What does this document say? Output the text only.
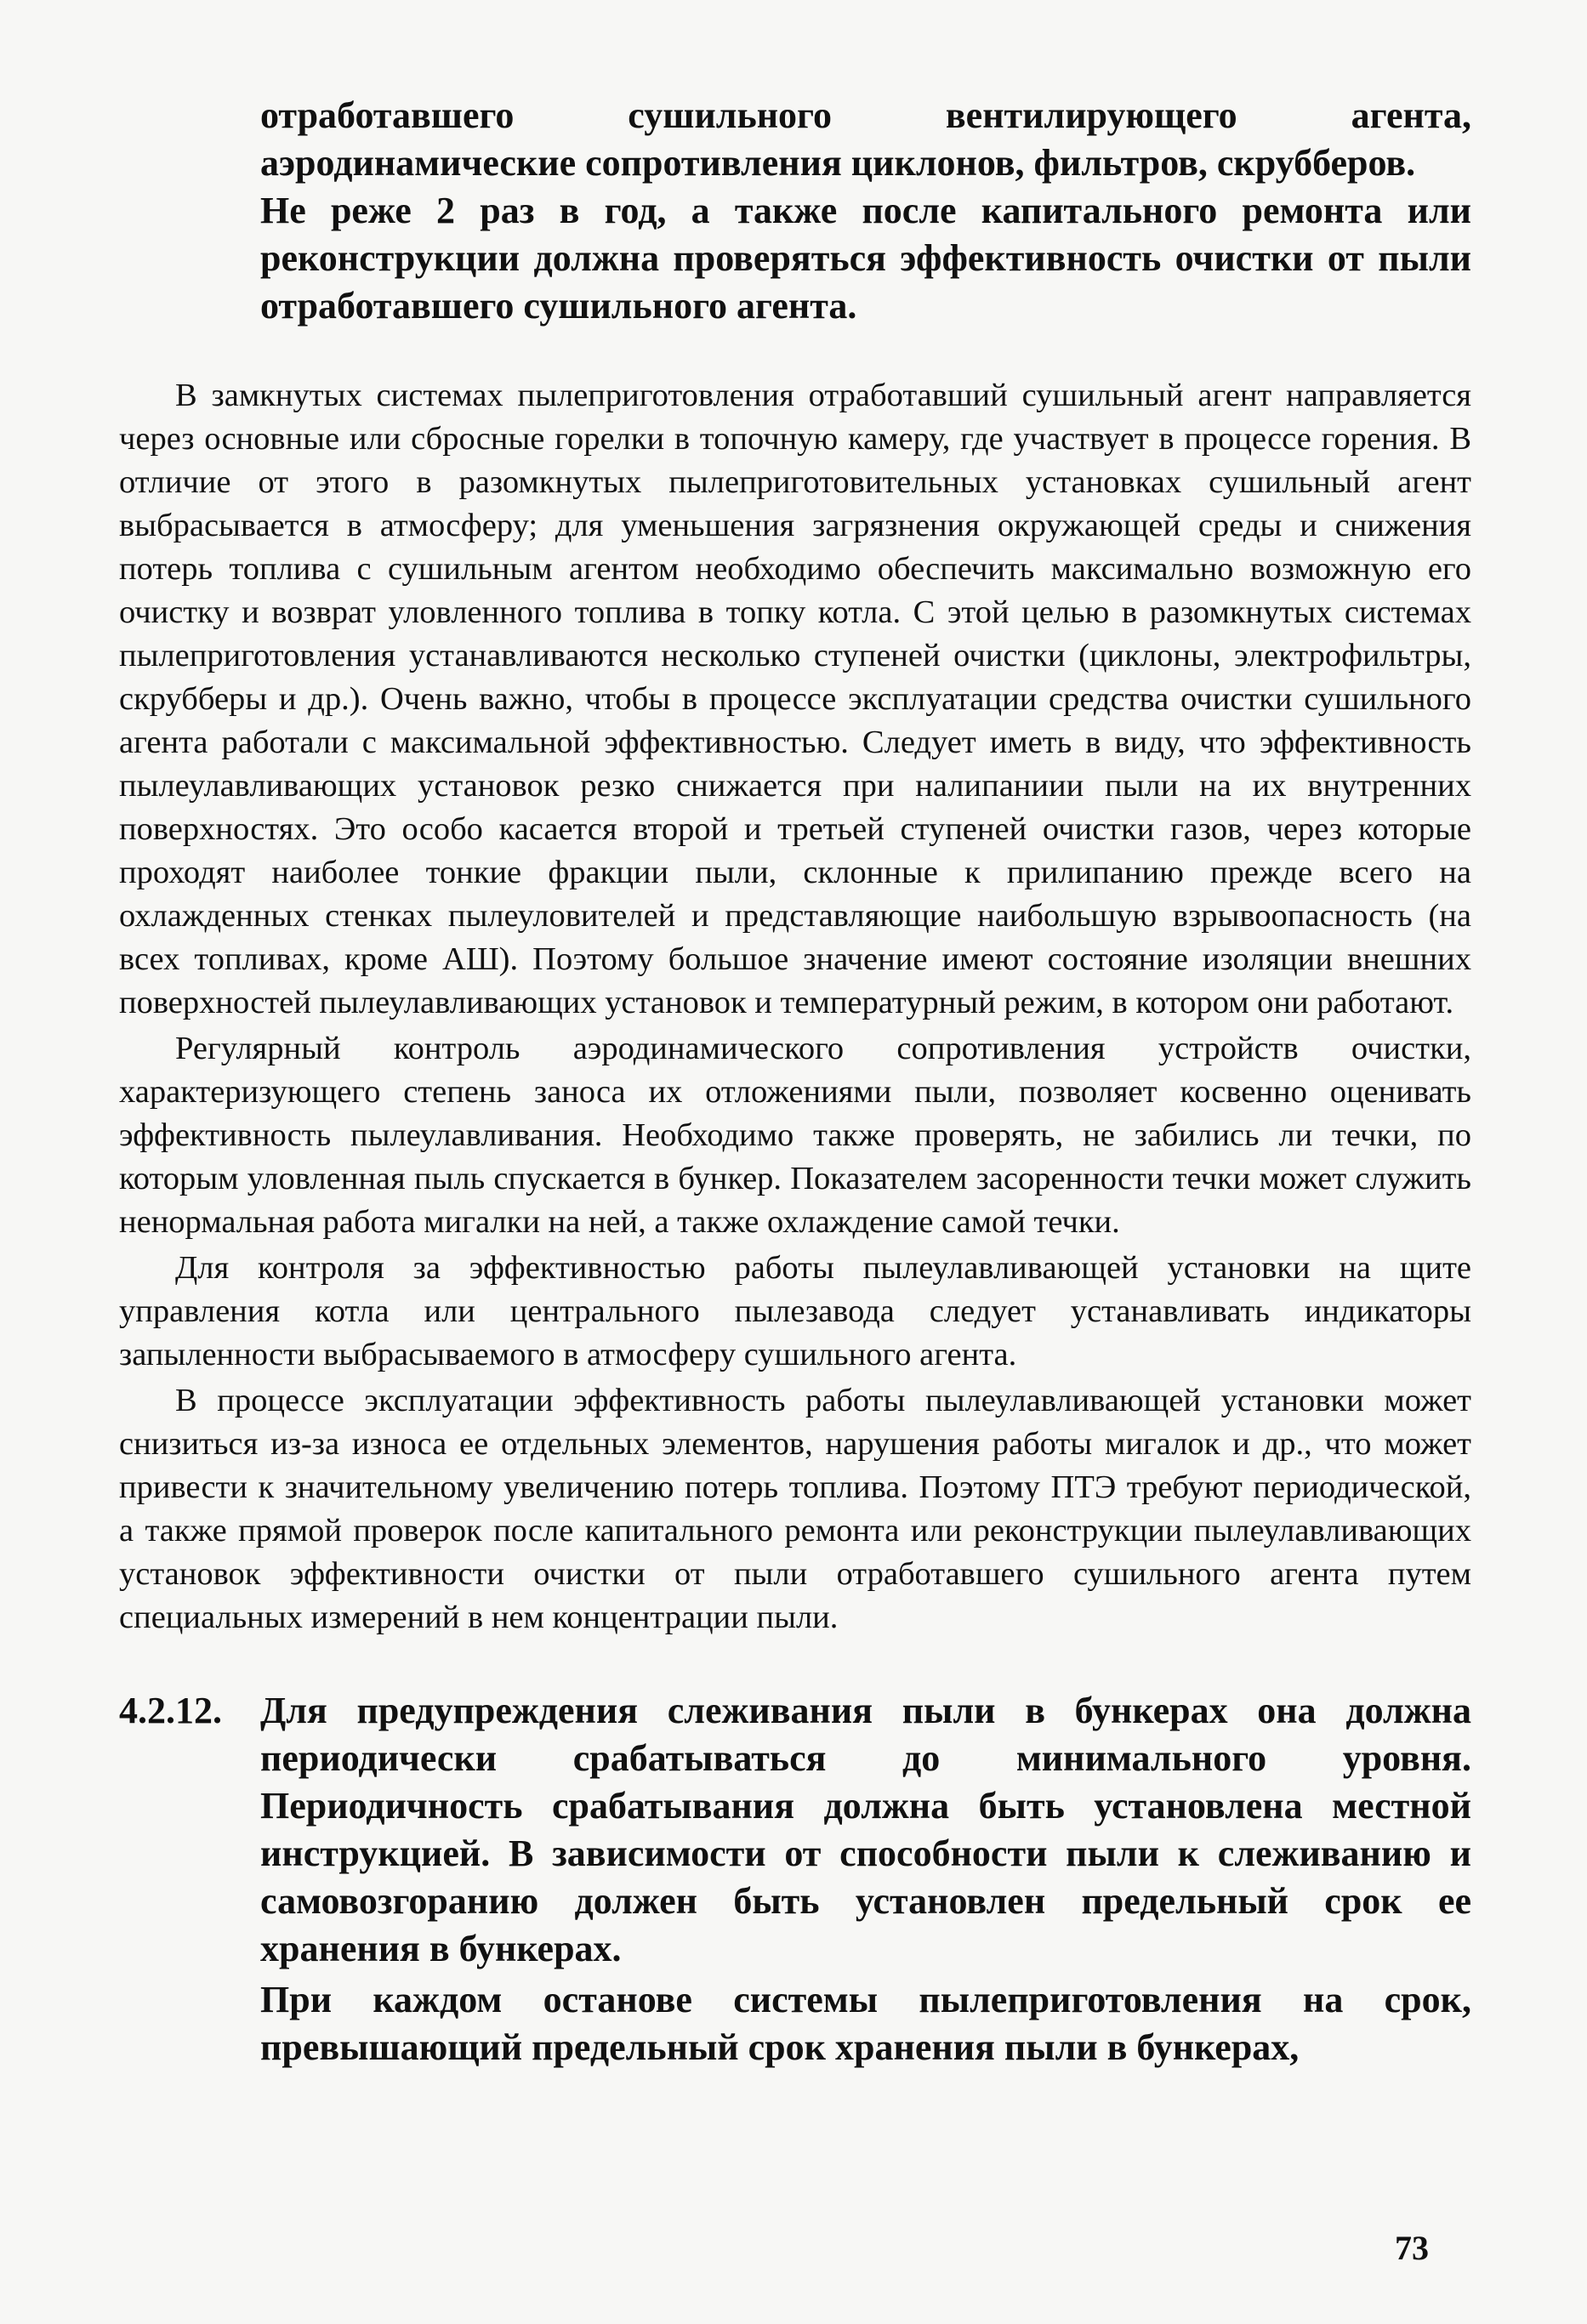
отработавшего сушильного вентилирующего агента, аэродинамические сопротивления циклонов, фильтров, скрубберов.

Не реже 2 раз в год, а также после капитального ремонта или реконструкции должна проверяться эффективность очистки от пыли отработавшего сушильного агента.

В замкнутых системах пылеприготовления отработавший сушильный агент направляется через основные или сбросные горелки в топочную камеру, где участвует в процессе горения. В отличие от этого в разомкнутых пылеприготовительных установках сушильный агент выбрасывается в атмосферу; для уменьшения загрязнения окружающей среды и снижения потерь топлива с сушильным агентом необходимо обеспечить максимально возможную его очистку и возврат уловленного топлива в топку котла. С этой целью в разомкнутых системах пылеприготовления устанавливаются несколько ступеней очистки (циклоны, электрофильтры, скрубберы и др.). Очень важно, чтобы в процессе эксплуатации средства очистки сушильного агента работали с максимальной эффективностью. Следует иметь в виду, что эффективность пылеулавливающих установок резко снижается при налипаниии пыли на их внутренних поверхностях. Это особо касается второй и третьей ступеней очистки газов, через которые проходят наиболее тонкие фракции пыли, склонные к прилипанию прежде всего на охлажденных стенках пылеуловителей и представляющие наибольшую взрывоопасность (на всех топливах, кроме АШ). Поэтому большое значение имеют состояние изоляции внешних поверхностей пылеулавливающих установок и температурный режим, в котором они работают.

Регулярный контроль аэродинамического сопротивления устройств очистки, характеризующего степень заноса их отложениями пыли, позволяет косвенно оценивать эффективность пылеулавливания. Необходимо также проверять, не забились ли течки, по которым уловленная пыль спускается в бункер. Показателем засоренности течки может служить ненормальная работа мигалки на ней, а также охлаждение самой течки.

Для контроля за эффективностью работы пылеулавливающей установки на щите управления котла или центрального пылезавода следует устанавливать индикаторы запыленности выбрасываемого в атмосферу сушильного агента.

В процессе эксплуатации эффективность работы пылеулавливающей установки может снизиться из-за износа ее отдельных элементов, нарушения работы мигалок и др., что может привести к значительному увеличению потерь топлива. Поэтому ПТЭ требуют периодической, а также прямой проверок после капитального ремонта или реконструкции пылеулавливающих установок эффективности очистки от пыли отработавшего сушильного агента путем специальных измерений в нем концентрации пыли.

4.2.12.	Для предупреждения слеживания пыли в бункерах она должна периодически срабатываться до минимального уровня. Периодичность срабатывания должна быть установлена местной инструкцией. В зависимости от способности пыли к слеживанию и самовозгоранию должен быть установлен предельный срок ее хранения в бункерах.

При каждом останове системы пылеприготовления на срок, превышающий предельный срок хранения пыли в бункерах,

73
